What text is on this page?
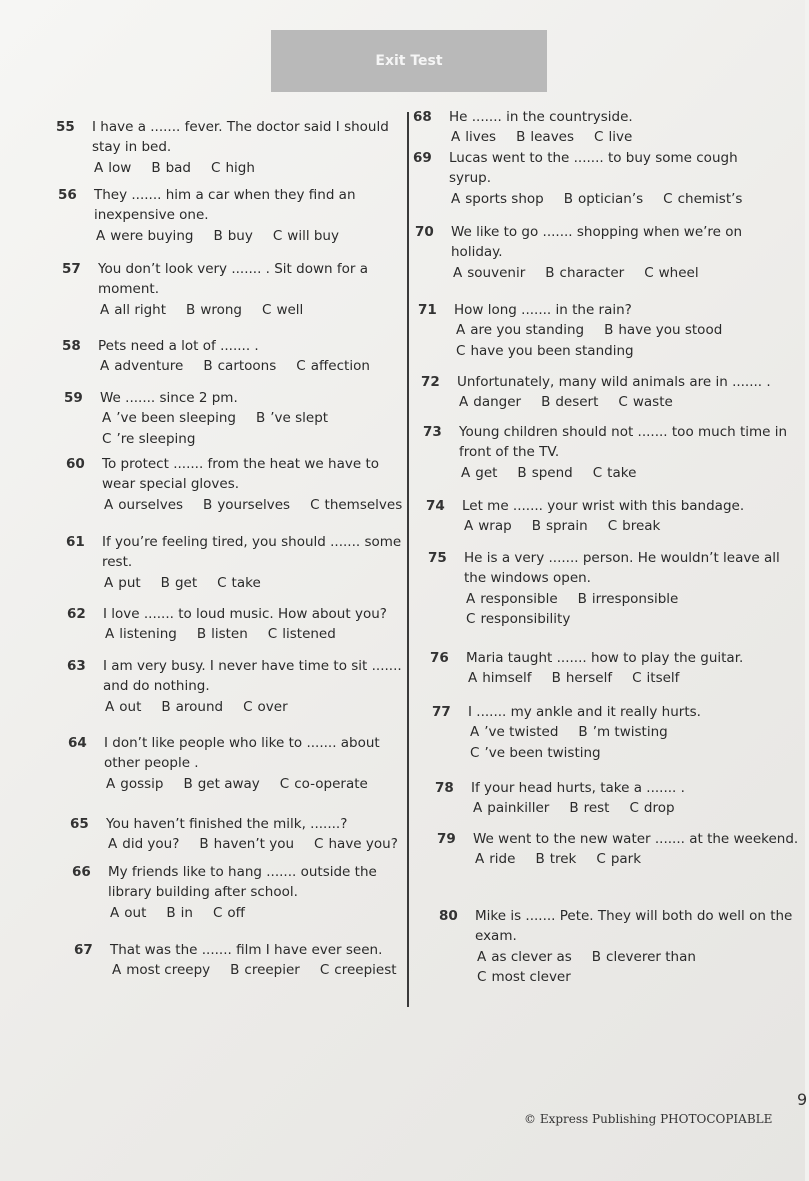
Exit Test
55 I have a ....... fever. The doctor said I should stay in bed.
A low B bad C high
56 They ....... him a car when they find an inexpensive one.
A were buying B buy C will buy
57 You don’t look very ....... . Sit down for a moment.
A all right B wrong C well
58 Pets need a lot of ....... .
A adventure B cartoons C affection
59 We ....... since 2 pm.
A ’ve been sleeping B ’ve slept
C ’re sleeping
60 To protect ....... from the heat we have to wear special gloves.
A ourselves B yourselves C themselves
61 If you’re feeling tired, you should ....... some rest.
A put B get C take
62 I love ....... to loud music. How about you?
A listening B listen C listened
63 I am very busy. I never have time to sit ....... and do nothing.
A out B around C over
64 I don’t like people who like to ....... about other people .
A gossip B get away C co-operate
65 You haven’t finished the milk, .......?
A did you? B haven’t you C have you?
66 My friends like to hang ....... outside the library building after school.
A out B in C off
67 That was the ....... film I have ever seen.
A most creepy B creepier C creepiest
68 He ....... in the countryside.
A lives B leaves C live
69 Lucas went to the ....... to buy some cough syrup.
A sports shop B optician’s C chemist’s
70 We like to go ....... shopping when we’re on holiday.
A souvenir B character C wheel
71 How long ....... in the rain?
A are you standing B have you stood
C have you been standing
72 Unfortunately, many wild animals are in ....... .
A danger B desert C waste
73 Young children should not ....... too much time in front of the TV.
A get B spend C take
74 Let me ....... your wrist with this bandage.
A wrap B sprain C break
75 He is a very ....... person. He wouldn’t leave all the windows open.
A responsible B irresponsible
C responsibility
76 Maria taught ....... how to play the guitar.
A himself B herself C itself
77 I ....... my ankle and it really hurts.
A ’ve twisted B ’m twisting
C ’ve been twisting
78 If your head hurts, take a ....... .
A painkiller B rest C drop
79 We went to the new water ....... at the weekend.
A ride B trek C park
80 Mike is ....... Pete. They will both do well on the exam.
A as clever as B cleverer than
C most clever
© Express Publishing PHOTOCOPIABLE
9
